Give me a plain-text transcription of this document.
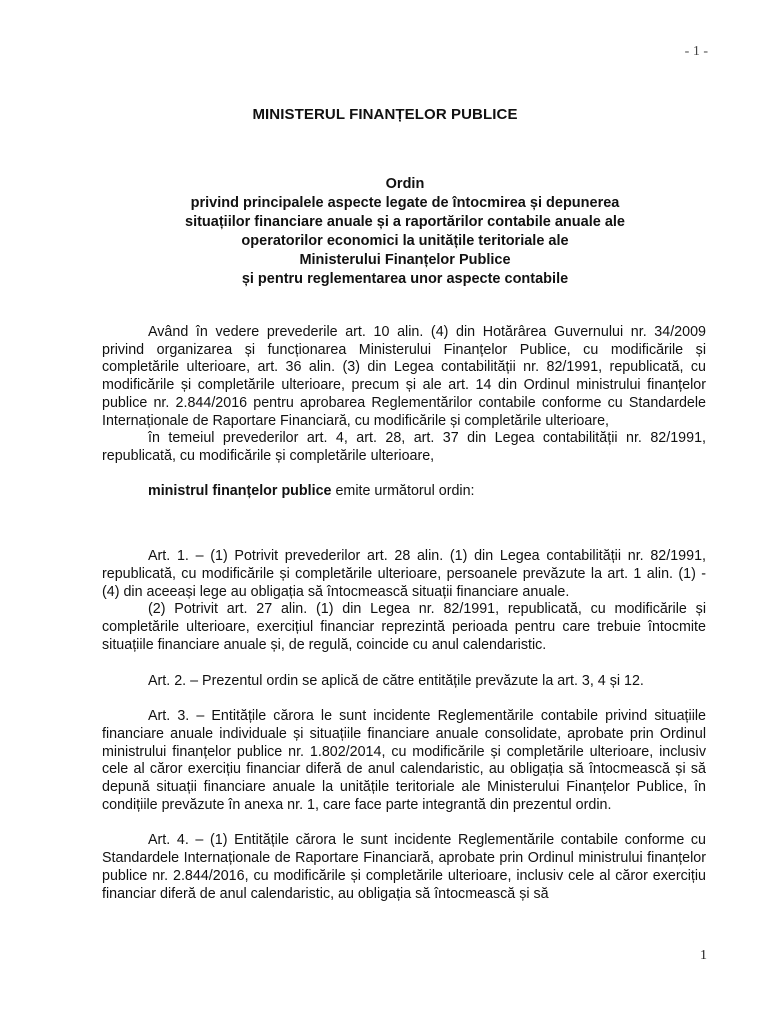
- 1 -
MINISTERUL FINANȚELOR PUBLICE
Ordin
privind principalele aspecte legate de întocmirea și depunerea
situațiilor financiare anuale și a raportărilor contabile anuale ale
operatorilor economici la unitățile teritoriale ale
Ministerului Finanțelor Publice
și pentru reglementarea unor aspecte contabile

Având în vedere prevederile art. 10 alin. (4) din Hotărârea Guvernului nr. 34/2009 privind organizarea și funcționarea Ministerului Finanțelor Publice, cu modificările și completările ulterioare, art. 36 alin. (3) din Legea contabilității nr. 82/1991, republicată, cu modificările și completările ulterioare, precum și ale art. 14 din Ordinul ministrului finanțelor publice nr. 2.844/2016 pentru aprobarea Reglementărilor contabile conforme cu Standardele Internaționale de Raportare Financiară, cu modificările și completările ulterioare,

în temeiul prevederilor art. 4, art. 28, art. 37 din Legea contabilității nr. 82/1991, republicată, cu modificările și completările ulterioare,

ministrul finanțelor publice emite următorul ordin:

Art. 1. – (1) Potrivit prevederilor art. 28 alin. (1) din Legea contabilității nr. 82/1991, republicată, cu modificările și completările ulterioare, persoanele prevăzute la art. 1 alin. (1) - (4) din aceeași lege au obligația să întocmească situații financiare anuale.

(2) Potrivit art. 27 alin. (1) din Legea nr. 82/1991, republicată, cu modificările și completările ulterioare, exercițiul financiar reprezintă perioada pentru care trebuie întocmite situațiile financiare anuale și, de regulă, coincide cu anul calendaristic.

Art. 2. – Prezentul ordin se aplică de către entitățile prevăzute la art. 3, 4 și 12.

Art. 3. – Entitățile cărora le sunt incidente Reglementările contabile privind situațiile financiare anuale individuale și situațiile financiare anuale consolidate, aprobate prin Ordinul ministrului finanțelor publice nr. 1.802/2014, cu modificările și completările ulterioare, inclusiv cele al căror exercițiu financiar diferă de anul calendaristic, au obligația să întocmească și să depună situații financiare anuale la unitățile teritoriale ale Ministerului Finanțelor Publice, în condițiile prevăzute în anexa nr. 1, care face parte integrantă din prezentul ordin.

Art. 4. – (1) Entitățile cărora le sunt incidente Reglementările contabile conforme cu Standardele Internaționale de Raportare Financiară, aprobate prin Ordinul ministrului finanțelor publice nr. 2.844/2016, cu modificările și completările ulterioare, inclusiv cele al căror exercițiu financiar diferă de anul calendaristic, au obligația să întocmească și să

1
